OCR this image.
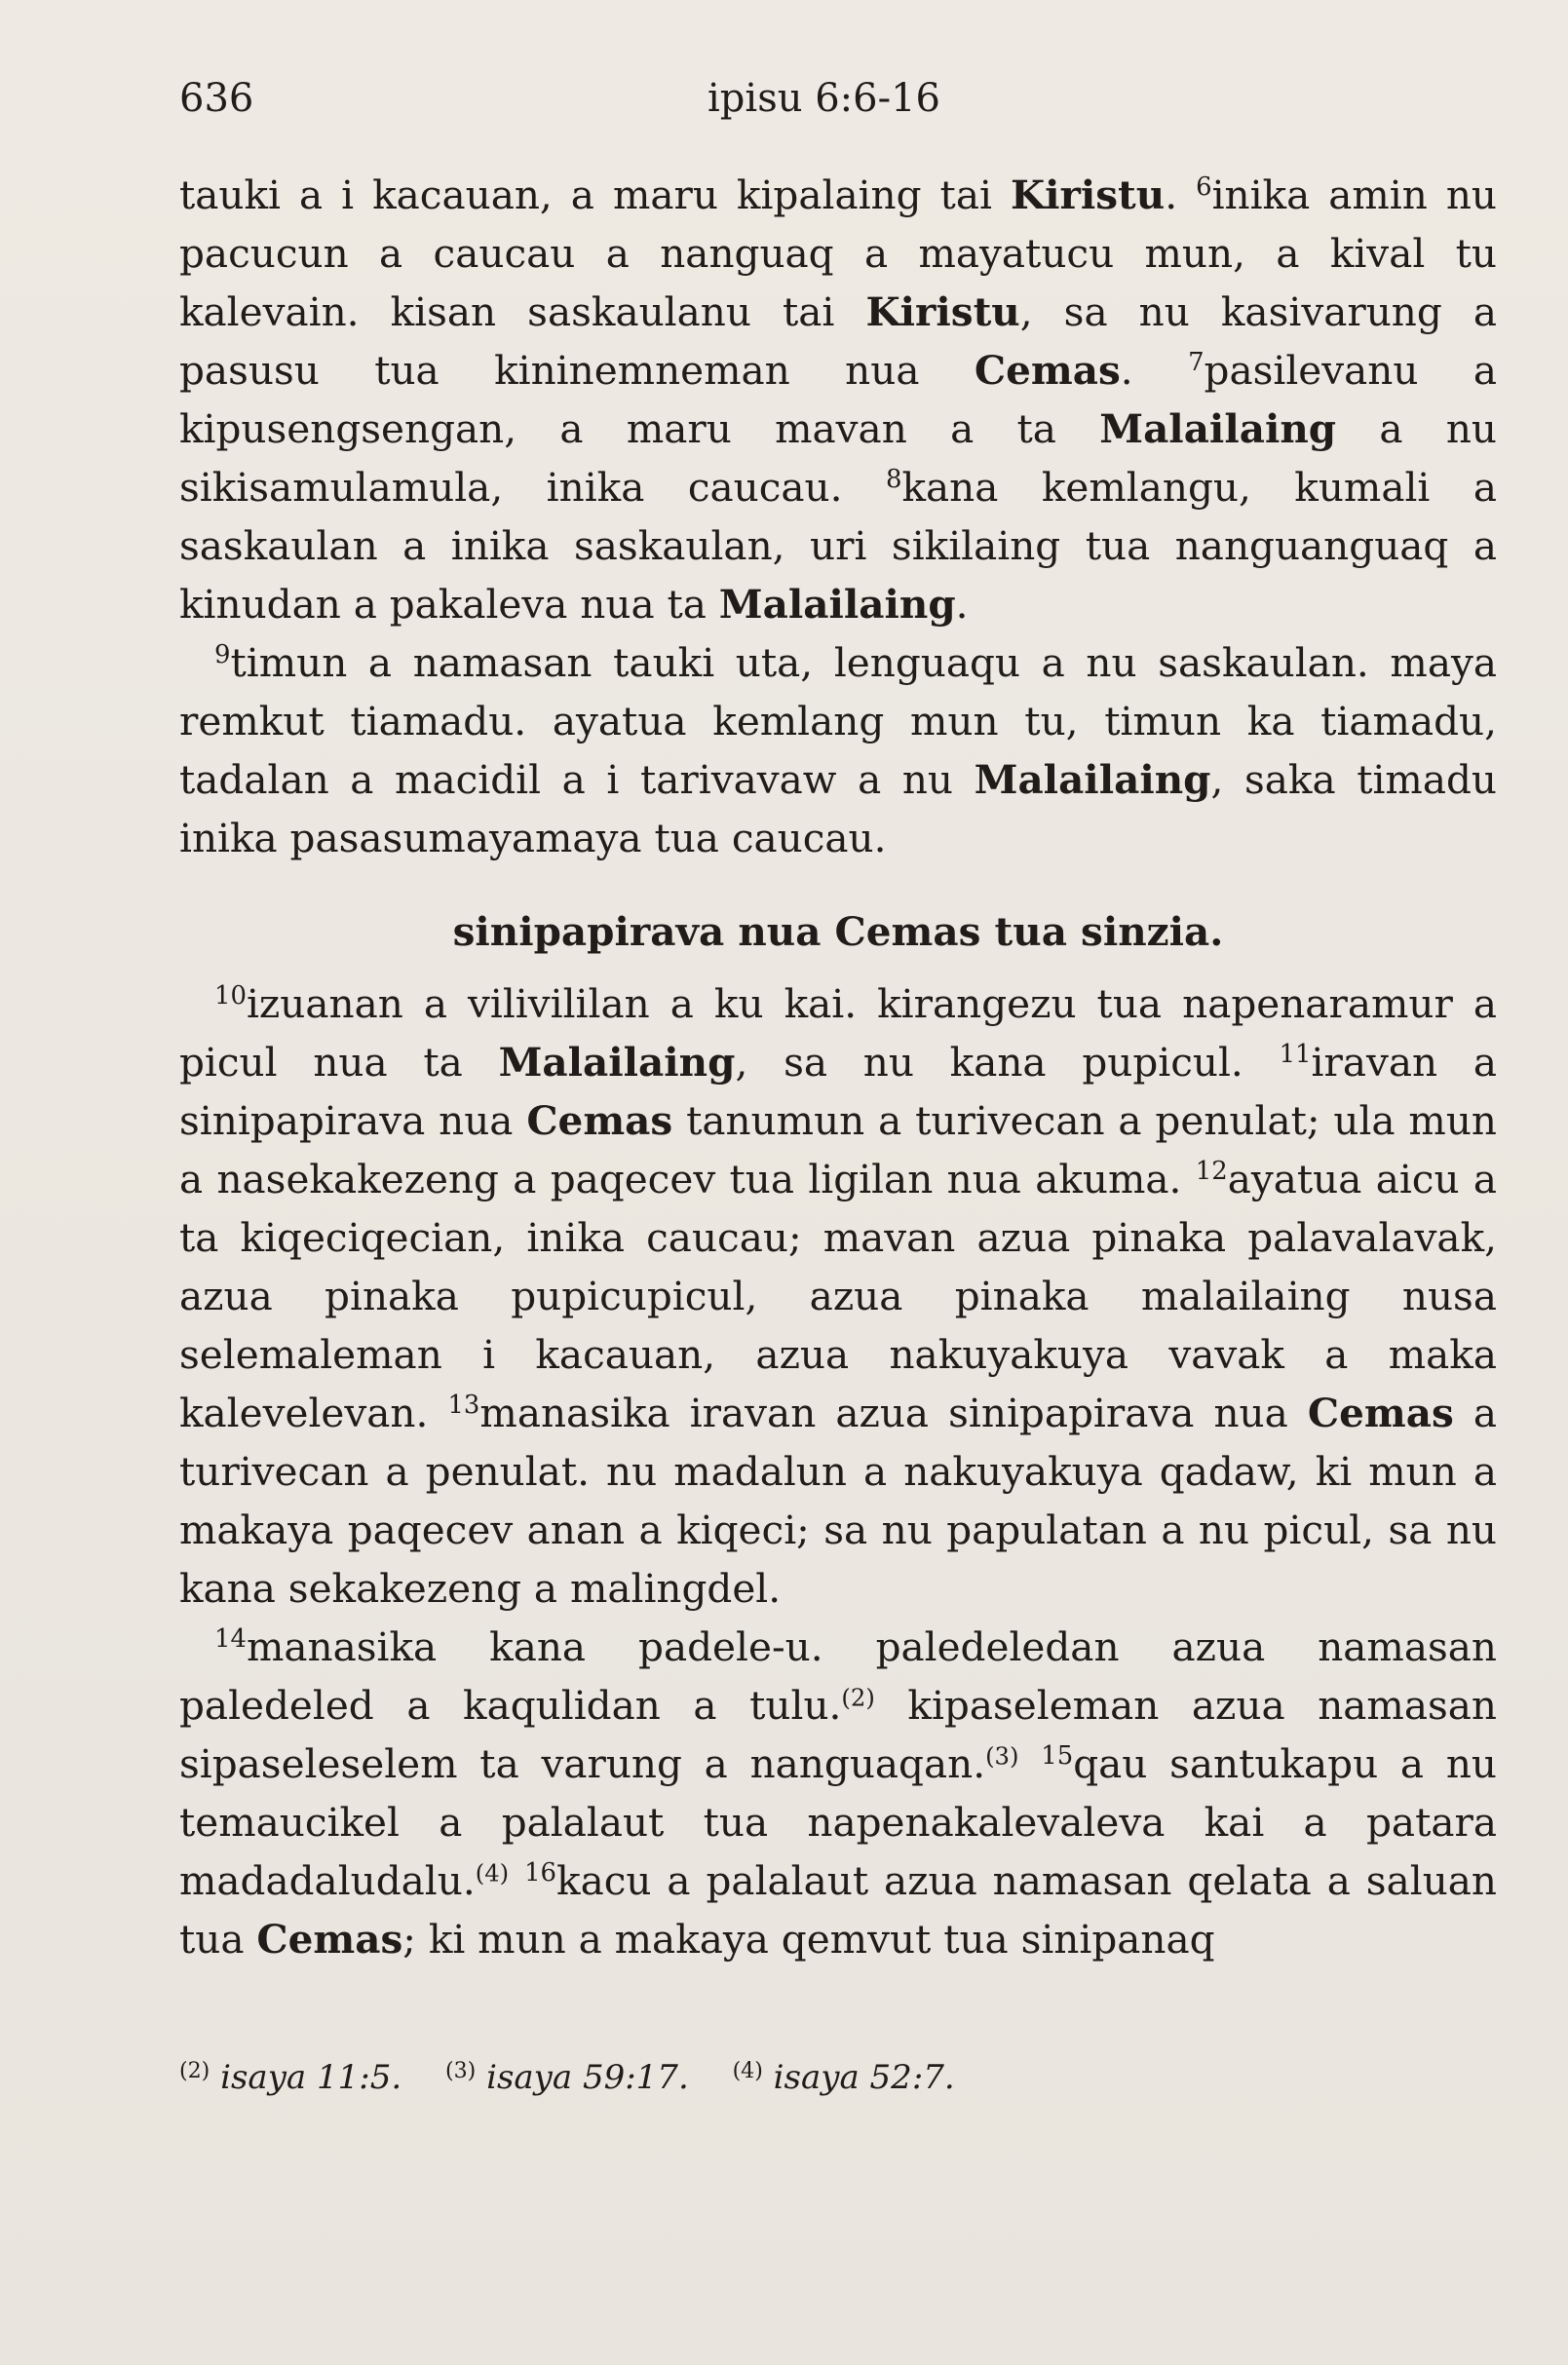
636	ipisu 6:6-16

tauki a i kacauan, a maru kipalaing tai Kiristu. $^6$inika amin nu pacucun a caucau a nanguaq a mayatucu mun, a kival tu kalevain. kisan saskaulanu tai Kiristu, sa nu kasivarung a pasusu tua kininemneman nua Cemas. $^7$pasilevanu a kipusengsengan, a maru mavan a ta Malailaing a nu sikisamulamula, inika caucau. $^8$kana kemlangu, kumali a saskaulan a inika saskaulan, uri sikilaing tua nanguanguaq a kinudan a pakaleva nua ta Malailaing.

$^9$timun a namasan tauki uta, lenguaqu a nu saskaulan. maya remkut tiamadu. ayatua kemlang mun tu, timun ka tiamadu, tadalan a macidil a i tarivavaw a nu Malailaing, saka timadu inika pasasumayamaya tua caucau.

sinipapirava nua Cemas tua sinzia.

$^{10}$izuanan a vilivililan a ku kai. kirangezu tua napenaramur a picul nua ta Malailaing, sa nu kana pupicul. $^{11}$iravan a sinipapirava nua Cemas tanumun a turivecan a penulat; ula mun a nasekakezeng a paqecev tua ligilan nua akuma. $^{12}$ayatua aicu a ta kiqeciqecian, inika caucau; mavan azua pinaka palavalavak, azua pinaka pupicupicul, azua pinaka malailaing nusa selemaleman i kacauan, azua nakuyakuya vavak a maka kalevelevan. $^{13}$manasika iravan azua sinipapirava nua Cemas a turivecan a penulat. nu madalun a nakuyakuya qadaw, ki mun a makaya paqecev anan a kiqeci; sa nu papulatan a nu picul, sa nu kana sekakezeng a malingdel.

$^{14}$manasika kana padele-u. paledeledan azua namasan paledeled a kaqulidan a tulu.$^{(2)}$ kipaseleman azua namasan sipaseleselem ta varung a nanguaqan.$^{(3)}$ $^{15}$qau santukapu a nu temaucikel a palalaut tua napenakalevaleva kai a patara madadaludalu.$^{(4)}$ $^{16}$kacu a palalaut azua namasan qelata a saluan tua Cemas; ki mun a makaya qemvut tua sinipanaq

$^{(2)}$ isaya 11:5. $^{(3)}$ isaya 59:17. $^{(4)}$ isaya 52:7.
